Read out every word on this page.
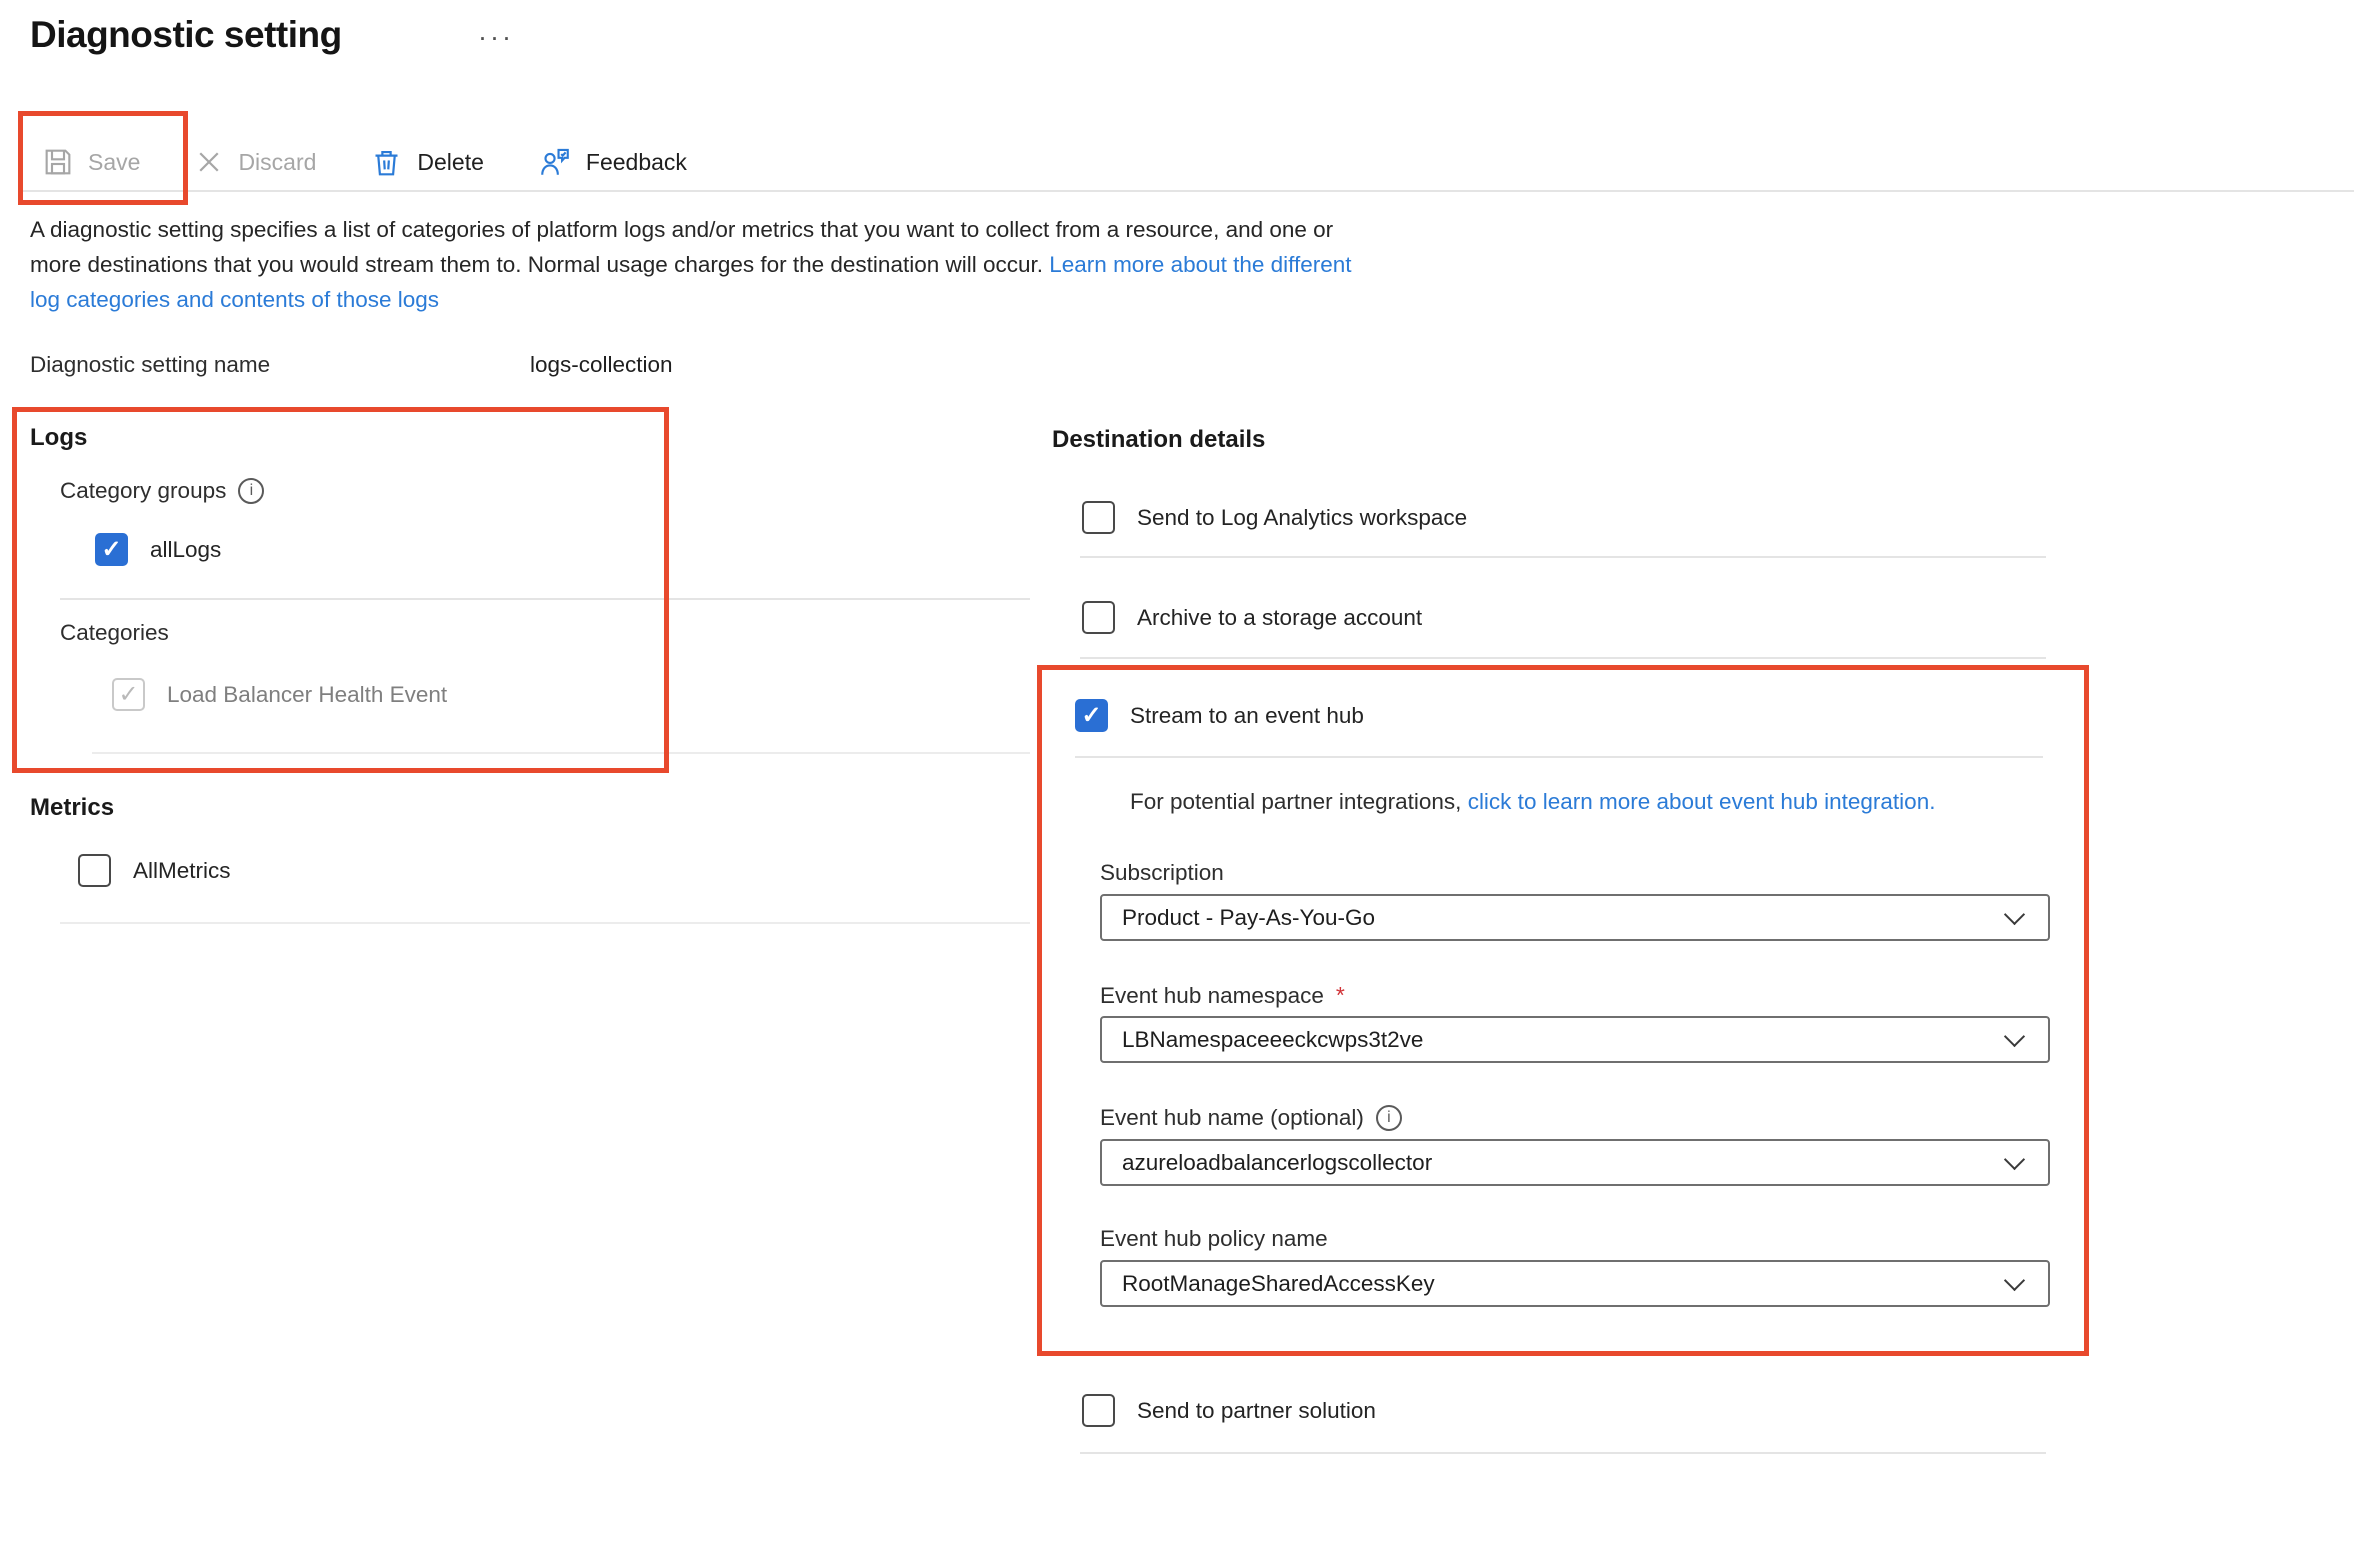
Diagnostic setting	···
Save	Discard	Delete	Feedback

A diagnostic setting specifies a list of categories of platform logs and/or metrics that you want to collect from a resource, and one or more destinations that you would stream them to. Normal usage charges for the destination will occur. Learn more about the different log categories and contents of those logs

Diagnostic setting name	logs-collection
Logs
Category groups i
✓ allLogs
Categories
✓ Load Balancer Health Event
Metrics
AllMetrics
Destination details
Send to Log Analytics workspace
Archive to a storage account
✓ Stream to an event hub
For potential partner integrations, click to learn more about event hub integration.
Subscription
Product - Pay-As-You-Go
Event hub namespace *
LBNamespaceeeckcwps3t2ve
Event hub name (optional) i
azureloadbalancerlogscollector
Event hub policy name
RootManageSharedAccessKey
Send to partner solution
